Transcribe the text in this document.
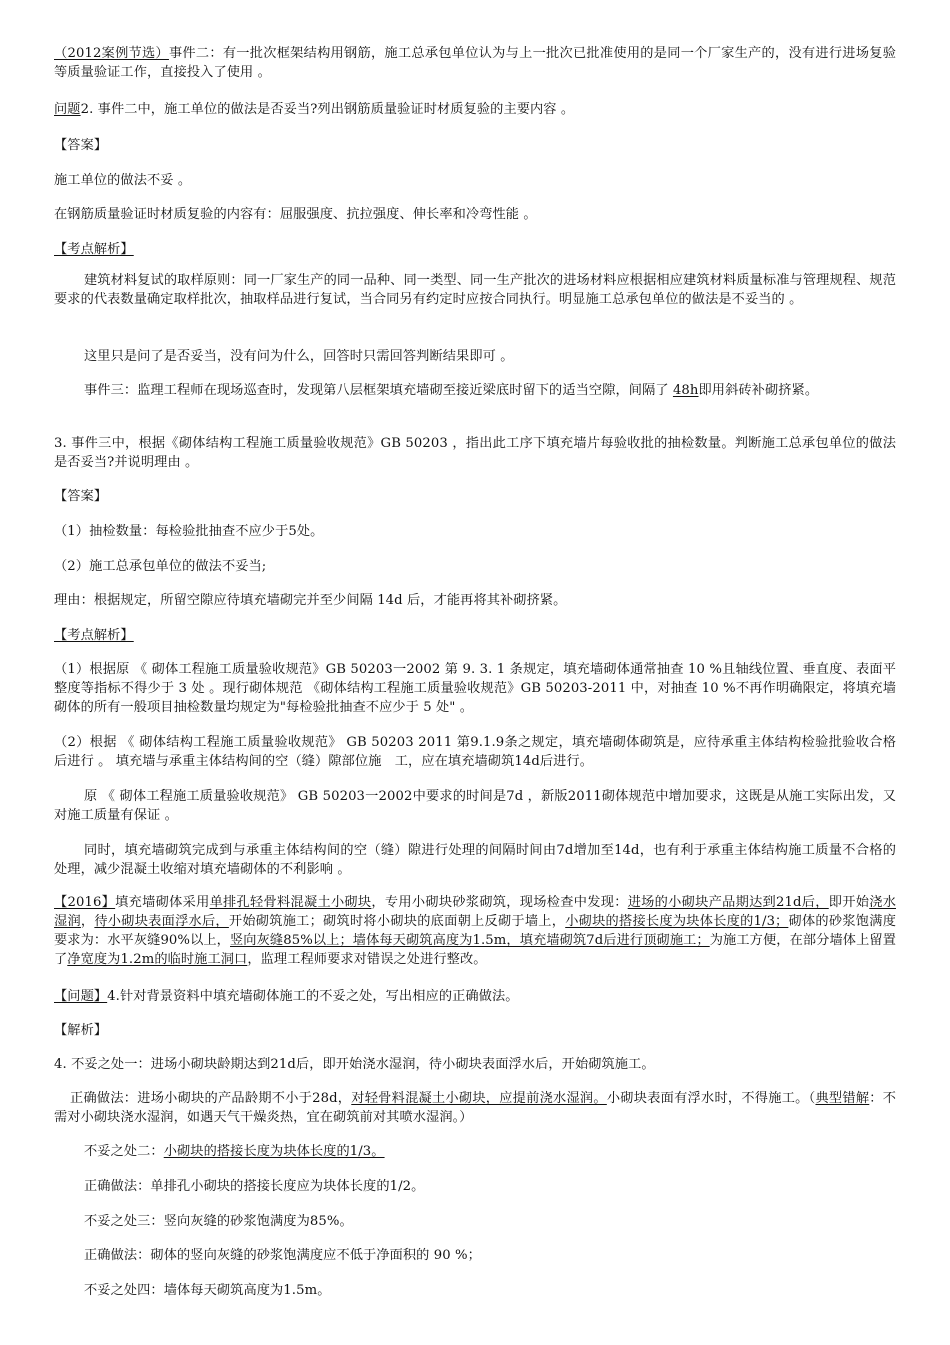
（2012案例节选）事件二：有一批次框架结构用钢筋，施工总承包单位认为与上一批次已批准使用的是同一个厂家生产的，没有进行进场复验等质量验证工作，直接投入了使用 。

问题2. 事件二中，施工单位的做法是否妥当?列出钢筋质量验证时材质复验的主要内容 。

【答案】

施工单位的做法不妥 。

在钢筋质量验证时材质复验的内容有：屈服强度、抗拉强度、伸长率和冷弯性能 。

【考点解析】

建筑材料复试的取样原则：同一厂家生产的同一品种、同一类型、同一生产批次的进场材料应根据相应建筑材料质量标准与管理规程、规范要求的代表数量确定取样批次，抽取样品进行复试，当合同另有约定时应按合同执行。明显施工总承包单位的做法是不妥当的 。

这里只是问了是否妥当，没有问为什么，回答时只需回答判断结果即可 。

事件三：监理工程师在现场巡查时，发现第八层框架填充墙砌至接近梁底时留下的适当空隙，间隔了 48h即用斜砖补砌挤紧。

3. 事件三中，根据《砌体结构工程施工质量验收规范》GB 50203 ，指出此工序下填充墙片每验收批的抽检数量。判断施工总承包单位的做法是否妥当?并说明理由 。

【答案】

（1）抽检数量：每检验批抽查不应少于5处。

（2）施工总承包单位的做法不妥当;

理由：根据规定，所留空隙应待填充墙砌完并至少间隔 14d 后，才能再将其补砌挤紧。

【考点解析】

（1）根据原 《 砌体工程施工质量验收规范》GB 50203一2002 第 9. 3. 1 条规定，填充墙砌体通常抽查 10 %且轴线位置、垂直度、表面平整度等指标不得少于 3 处 。现行砌体规范 《砌体结构工程施工质量验收规范》GB 50203-2011 中，对抽查 10 %不再作明确限定，将填充墙砌体的所有一般项目抽检数量均规定为"每检验批抽查不应少于 5 处" 。

（2）根据 《 砌体结构工程施工质量验收规范》 GB 50203 2011 第9.1.9条之规定，填充墙砌体砌筑是，应待承重主体结构检验批验收合格后进行 。 填充墙与承重主体结构间的空（缝）隙部位施　工，应在填充墙砌筑14d后进行。

原 《 砌体工程施工质量验收规范》 GB 50203一2002中要求的时间是7d ，新版2011砌体规范中增加要求，这既是从施工实际出发，又对施工质量有保证 。

同时，填充墙砌筑完成到与承重主体结构间的空（缝）隙进行处理的间隔时间由7d增加至14d，也有利于承重主体结构施工质量不合格的处理，减少混凝土收缩对填充墙砌体的不利影响 。

【2016】填充墙砌体采用单排孔轻骨料混凝土小砌块，专用小砌块砂浆砌筑，现场检查中发现：进场的小砌块产品期达到21d后，即开始浇水湿润，待小砌块表面浮水后，开始砌筑施工；砌筑时将小砌块的底面朝上反砌于墙上，小砌块的搭接长度为块体长度的1/3；砌体的砂浆饱满度要求为：水平灰缝90%以上，竖向灰缝85%以上；墙体每天砌筑高度为1.5m，填充墙砌筑7d后进行顶砌施工；为施工方便，在部分墙体上留置了净宽度为1.2m的临时施工洞口，监理工程师要求对错误之处进行整改。

【问题】4.针对背景资料中填充墙砌体施工的不妥之处，写出相应的正确做法。

【解析】

4. 不妥之处一：进场小砌块龄期达到21d后，即开始浇水湿润，待小砌块表面浮水后，开始砌筑施工。

正确做法：进场小砌块的产品龄期不小于28d，对轻骨料混凝土小砌块，应提前浇水湿润。小砌块表面有浮水时，不得施工。（典型错解：不需对小砌块浇水湿润，如遇天气干燥炎热，宜在砌筑前对其喷水湿润。）

不妥之处二：小砌块的搭接长度为块体长度的1/3。

正确做法：单排孔小砌块的搭接长度应为块体长度的1/2。

不妥之处三：竖向灰缝的砂浆饱满度为85%。

正确做法：砌体的竖向灰缝的砂浆饱满度应不低于净面积的 90 %；

不妥之处四：墙体每天砌筑高度为1.5m。
